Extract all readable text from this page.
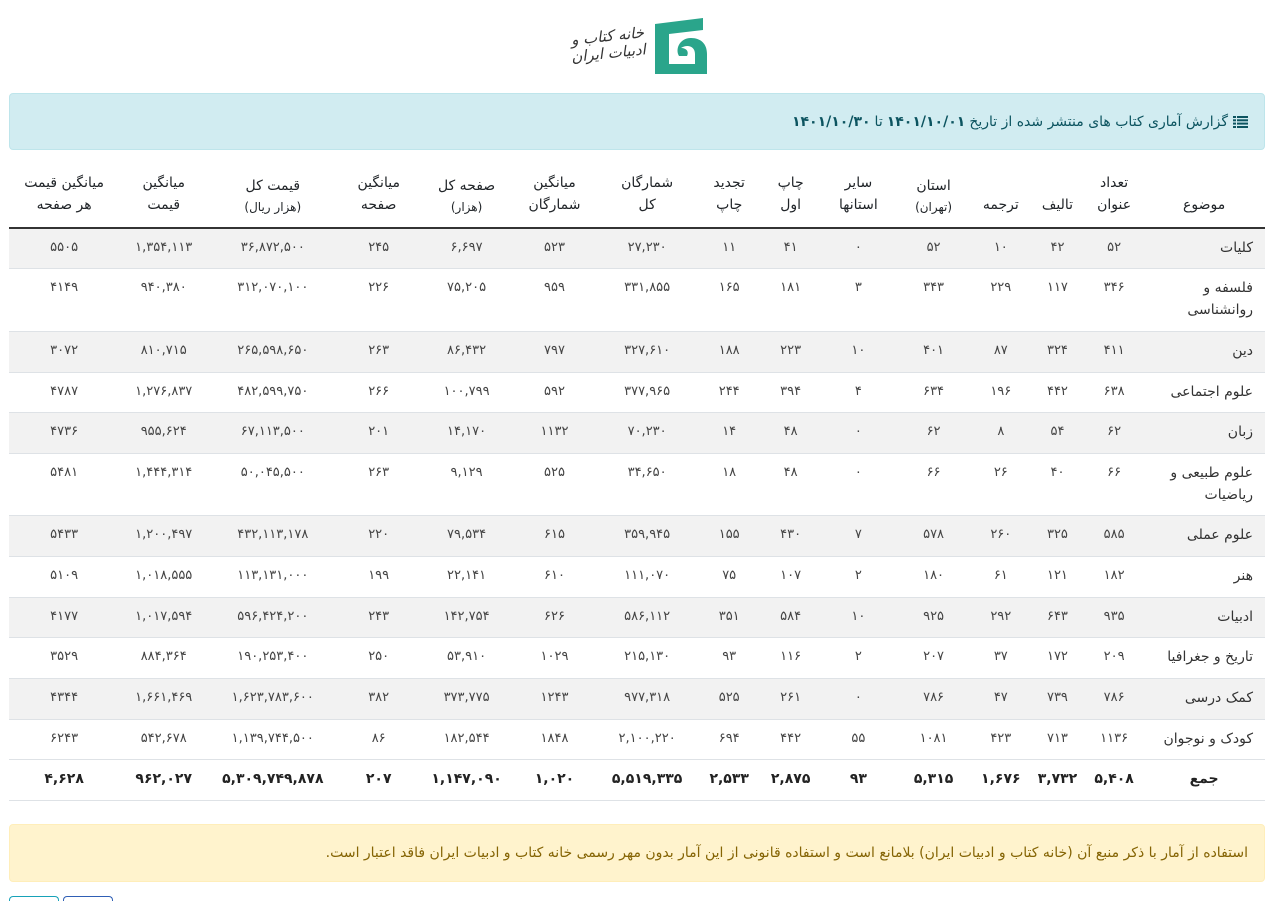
خانه کتاب و ادبیات ایران
گزارش آماری کتاب های منتشر شده از تاریخ
۱۴۰۱/۱۰/۰۱
تا
۱۴۰۱/۱۰/۳۰
موضوع

تعداد
عنوان

تالیف

ترجمه

استان
(تهران)

سایر
استانها

چاپ
اول

تجدید
چاپ

شمارگان
کل

میانگین
شمارگان

صفحه کل
(هزار)

میانگین
صفحه

قیمت کل
(هزار ریال)

میانگین
قیمت

میانگین قیمت
هر صفحه

کلیات	۵۲	۴۲	۱۰	۵۲	۰	۴۱	۱۱	۲۷,۲۳۰	۵۲۳	۶,۶۹۷	۲۴۵	۳۶,۸۷۲,۵۰۰	۱,۳۵۴,۱۱۳	۵۵۰۵
فلسفه و روانشناسی	۳۴۶	۱۱۷	۲۲۹	۳۴۳	۳	۱۸۱	۱۶۵	۳۳۱,۸۵۵	۹۵۹	۷۵,۲۰۵	۲۲۶	۳۱۲,۰۷۰,۱۰۰	۹۴۰,۳۸۰	۴۱۴۹
دین	۴۱۱	۳۲۴	۸۷	۴۰۱	۱۰	۲۲۳	۱۸۸	۳۲۷,۶۱۰	۷۹۷	۸۶,۴۳۲	۲۶۳	۲۶۵,۵۹۸,۶۵۰	۸۱۰,۷۱۵	۳۰۷۲
علوم اجتماعی	۶۳۸	۴۴۲	۱۹۶	۶۳۴	۴	۳۹۴	۲۴۴	۳۷۷,۹۶۵	۵۹۲	۱۰۰,۷۹۹	۲۶۶	۴۸۲,۵۹۹,۷۵۰	۱,۲۷۶,۸۳۷	۴۷۸۷
زبان	۶۲	۵۴	۸	۶۲	۰	۴۸	۱۴	۷۰,۲۳۰	۱۱۳۲	۱۴,۱۷۰	۲۰۱	۶۷,۱۱۳,۵۰۰	۹۵۵,۶۲۴	۴۷۳۶
علوم طبیعی و ریاضیات	۶۶	۴۰	۲۶	۶۶	۰	۴۸	۱۸	۳۴,۶۵۰	۵۲۵	۹,۱۲۹	۲۶۳	۵۰,۰۴۵,۵۰۰	۱,۴۴۴,۳۱۴	۵۴۸۱
علوم عملی	۵۸۵	۳۲۵	۲۶۰	۵۷۸	۷	۴۳۰	۱۵۵	۳۵۹,۹۴۵	۶۱۵	۷۹,۵۳۴	۲۲۰	۴۳۲,۱۱۳,۱۷۸	۱,۲۰۰,۴۹۷	۵۴۳۳
هنر	۱۸۲	۱۲۱	۶۱	۱۸۰	۲	۱۰۷	۷۵	۱۱۱,۰۷۰	۶۱۰	۲۲,۱۴۱	۱۹۹	۱۱۳,۱۳۱,۰۰۰	۱,۰۱۸,۵۵۵	۵۱۰۹
ادبیات	۹۳۵	۶۴۳	۲۹۲	۹۲۵	۱۰	۵۸۴	۳۵۱	۵۸۶,۱۱۲	۶۲۶	۱۴۲,۷۵۴	۲۴۳	۵۹۶,۴۲۴,۲۰۰	۱,۰۱۷,۵۹۴	۴۱۷۷
تاریخ و جغرافیا	۲۰۹	۱۷۲	۳۷	۲۰۷	۲	۱۱۶	۹۳	۲۱۵,۱۳۰	۱۰۲۹	۵۳,۹۱۰	۲۵۰	۱۹۰,۲۵۳,۴۰۰	۸۸۴,۳۶۴	۳۵۲۹
کمک درسی	۷۸۶	۷۳۹	۴۷	۷۸۶	۰	۲۶۱	۵۲۵	۹۷۷,۳۱۸	۱۲۴۳	۳۷۳,۷۷۵	۳۸۲	۱,۶۲۳,۷۸۳,۶۰۰	۱,۶۶۱,۴۶۹	۴۳۴۴
کودک و نوجوان	۱۱۳۶	۷۱۳	۴۲۳	۱۰۸۱	۵۵	۴۴۲	۶۹۴	۲,۱۰۰,۲۲۰	۱۸۴۸	۱۸۲,۵۴۴	۸۶	۱,۱۳۹,۷۴۴,۵۰۰	۵۴۲,۶۷۸	۶۲۴۳
جمع	۵,۴۰۸	۳,۷۳۲	۱,۶۷۶	۵,۳۱۵	۹۳	۲,۸۷۵	۲,۵۳۳	۵,۵۱۹,۳۳۵	۱,۰۲۰	۱,۱۴۷,۰۹۰	۲۰۷	۵,۳۰۹,۷۴۹,۸۷۸	۹۶۲,۰۲۷	۴,۶۲۸
استفاده از آمار با ذکر منبع آن (خانه کتاب و ادبیات ایران) بلامانع است و استفاده قانونی از این آمار بدون مهر رسمی خانه کتاب و ادبیات ایران فاقد اعتبار است.
